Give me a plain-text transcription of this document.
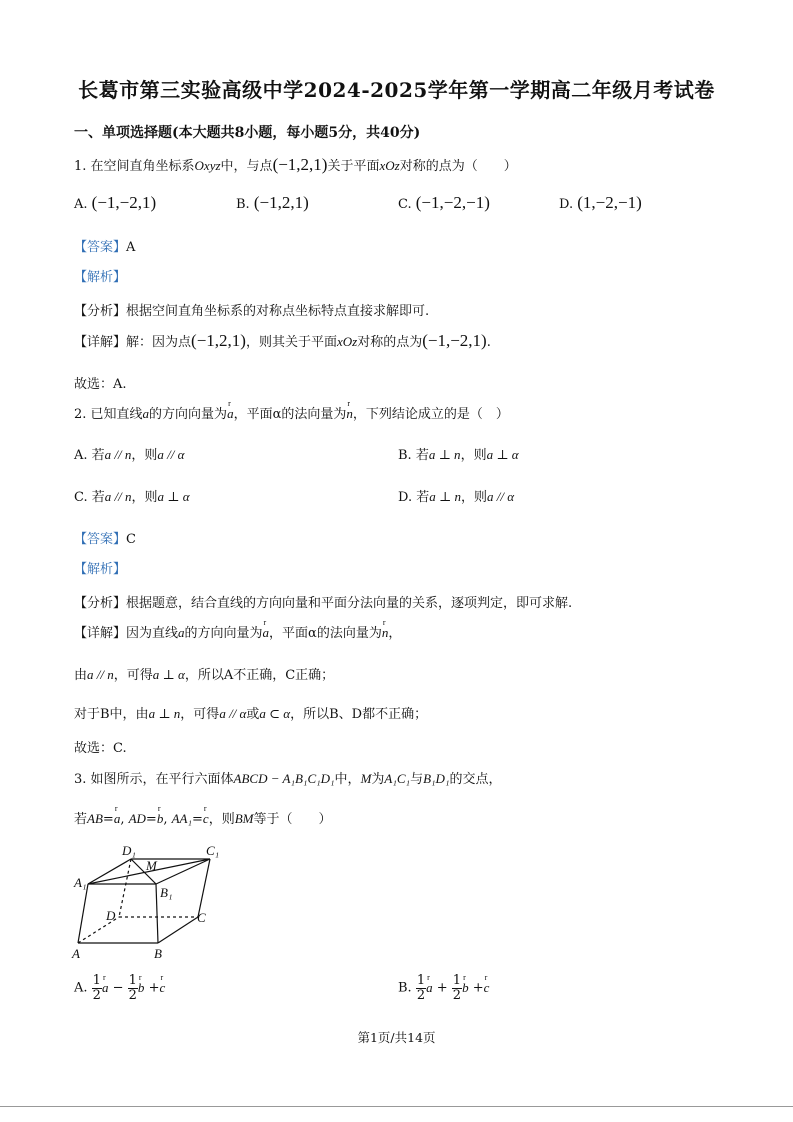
长葛市第三实验高级中学2024-2025学年第一学期高二年级月考试卷
一、单项选择题(本大题共8小题，每小题5分，共40分)
1. 在空间直角坐标系Oxyz中，与点(−1,2,1)关于平面xOz对称的点为（　　）
A. (−1,−2,1)	B. (−1,2,1)	C. (−1,−2,−1)	D. (1,−2,−1)
【答案】A
【解析】
【分析】根据空间直角坐标系的对称点坐标特点直接求解即可.
【详解】解：因为点(−1,2,1)，则其关于平面xOz对称的点为(−1,−2,1).
故选：A.
2. 已知直线a的方向向量为r a，平面α的法向量为r n，下列结论成立的是（　）
A. 若a // n，则a // α	B. 若a ⊥ n，则a ⊥ α
C. 若a // n，则a ⊥ α	D. 若a ⊥ n，则a // α
【答案】C
【解析】
【分析】根据题意，结合直线的方向向量和平面分法向量的关系，逐项判定，即可求解.
【详解】因为直线a的方向向量为r a，平面α的法向量为r n，
由a // n，可得a ⊥ α，所以A不正确，C正确；
对于B中，由a ⊥ n，可得a // α或a ⊂ α，所以B、D都不正确；
故选：C.
3. 如图所示，在平行六面体ABCD − A₁B₁C₁D₁中，M为A₁C₁与B₁D₁的交点，
若AB=r a, AD=r b, AA₁=r c，则BM等于（　　）
D₁	C₁
M
A₁
B₁
D	C
A	B
A. $\frac{1}{2}$ r $a - \frac{1}{2}$ r b +r c	B. $\frac{1}{2}$ r $a + \frac{1}{2}$ r b +r c
第1页/共14页
